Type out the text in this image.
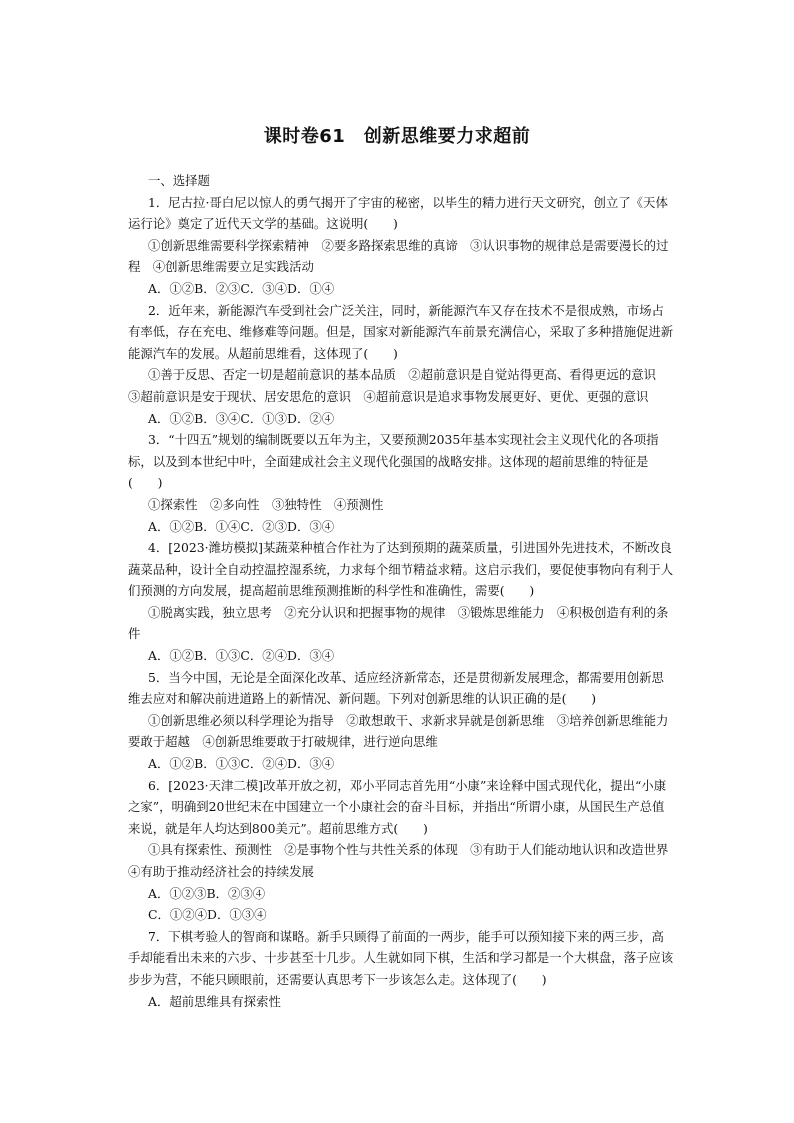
课时卷61　创新思维要力求超前

一、选择题

1．尼古拉·哥白尼以惊人的勇气揭开了宇宙的秘密，以毕生的精力进行天文研究，创立了《天体运行论》奠定了近代天文学的基础。这说明(　　)

①创新思维需要科学探索精神　②要多路探索思维的真谛　③认识事物的规律总是需要漫长的过程　④创新思维需要立足实践活动

A．①②B．②③C．③④D．①④

2．近年来，新能源汽车受到社会广泛关注，同时，新能源汽车又存在技术不是很成熟，市场占有率低，存在充电、维修难等问题。但是，国家对新能源汽车前景充满信心，采取了多种措施促进新能源汽车的发展。从超前思维看，这体现了(　　)

①善于反思、否定一切是超前意识的基本品质　②超前意识是自觉站得更高、看得更远的意识　③超前意识是安于现状、居安思危的意识　④超前意识是追求事物发展更好、更优、更强的意识

A．①②B．③④C．①③D．②④

3．“十四五”规划的编制既要以五年为主，又要预测2035年基本实现社会主义现代化的各项指标，以及到本世纪中叶，全面建成社会主义现代化强国的战略安排。这体现的超前思维的特征是(　　)

①探索性　②多向性　③独特性　④预测性

A．①②B．①④C．②③D．③④

4．[2023·潍坊模拟]某蔬菜种植合作社为了达到预期的蔬菜质量，引进国外先进技术，不断改良蔬菜品种，设计全自动控温控湿系统，力求每个细节精益求精。这启示我们，要促使事物向有利于人们预测的方向发展，提高超前思维预测推断的科学性和准确性，需要(　　)

①脱离实践，独立思考　②充分认识和把握事物的规律　③锻炼思维能力　④积极创造有利的条件

A．①②B．①③C．②④D．③④

5．当今中国，无论是全面深化改革、适应经济新常态，还是贯彻新发展理念，都需要用创新思维去应对和解决前进道路上的新情况、新问题。下列对创新思维的认识正确的是(　　)

①创新思维必须以科学理论为指导　②敢想敢干、求新求异就是创新思维　③培养创新思维能力要敢于超越　④创新思维要敢于打破规律，进行逆向思维

A．①②B．①③C．②④D．③④

6．[2023·天津二模]改革开放之初，邓小平同志首先用“小康”来诠释中国式现代化，提出“小康之家”，明确到20世纪末在中国建立一个小康社会的奋斗目标，并指出“所谓小康，从国民生产总值来说，就是年人均达到800美元”。超前思维方式(　　)

①具有探索性、预测性　②是事物个性与共性关系的体现　③有助于人们能动地认识和改造世界　④有助于推动经济社会的持续发展

A．①②③B．②③④

C．①②④D．①③④

7．下棋考验人的智商和谋略。新手只顾得了前面的一两步，能手可以预知接下来的两三步，高手却能看出未来的六步、十步甚至十几步。人生就如同下棋，生活和学习都是一个大棋盘，落子应该步步为营，不能只顾眼前，还需要认真思考下一步该怎么走。这体现了(　　)

A．超前思维具有探索性
